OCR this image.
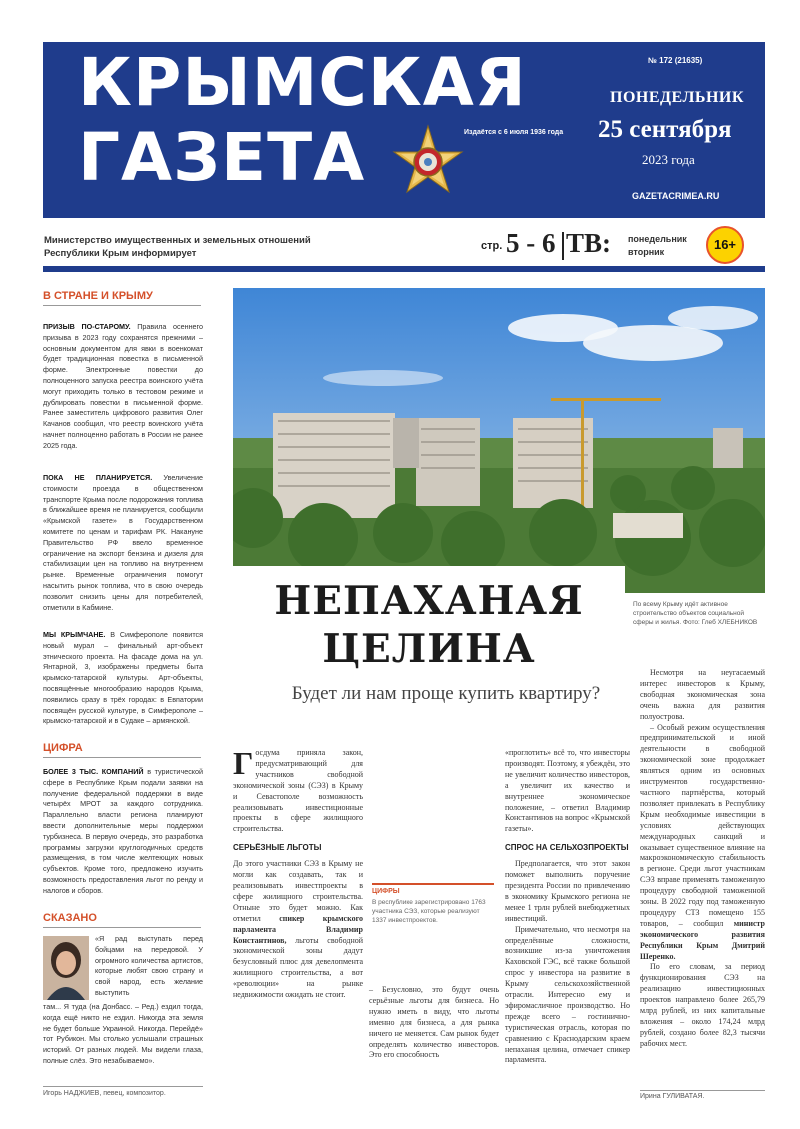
КРЫМСКАЯ
ГАЗЕТА	Издаётся с 6 июля 1936 года
№ 172 (21635)
ПОНЕДЕЛЬНИК
25 сентября
2023 года
GAZETACRIMEA.RU
Министерство имущественных и земельных отношений Республики Крым информирует
стр. 5 - 6 ТВ: понедельник
вторник	16+
В СТРАНЕ И КРЫМУ
ПРИЗЫВ ПО-СТАРОМУ. Правила осеннего призыва в 2023 году сохранятся прежними – основным документом для явки в военкомат будет традиционная повестка в письменной форме. Электронные повестки до полноценного запуска реестра воинского учёта могут приходить только в тестовом режиме и дублировать повестки в письменной форме. Ранее заместитель цифрового развития Олег Качанов сообщил, что реестр воинского учёта начнет полноценно работать в России не ранее 2025 года.
ПОКА НЕ ПЛАНИРУЕТСЯ. Увеличение стоимости проезда в общественном транспорте Крыма после подорожания топлива в ближайшее время не планируется, сообщили «Крымской газете» в Государственном комитете по ценам и тарифам РК. Накануне Правительство РФ ввело временное ограничение на экспорт бензина и дизеля для стабилизации цен на топливо на внутреннем рынке. Временные ограничения помогут насытить рынок топлива, что в свою очередь позволит снизить цены для потребителей, отметили в Кабмине.
МЫ КРЫМЧАНЕ. В Симферополе появится новый мурал – финальный арт-объект этнического проекта. На фасаде дома на ул. Янтарной, 3, изображены предметы быта крымско-татарской культуры. Арт-объекты, посвящённые многообразию народов Крыма, появились сразу в трёх городах: в Евпатории посвящён русской культуре, в Симферополе – крымско-татарской и в Судаке – армянской.
ЦИФРА
БОЛЕЕ 3 ТЫС. КОМПАНИЙ в туристической сфере в Республике Крым подали заявки на получение федеральной поддержки в виде четырёх МРОТ за каждого сотрудника. Параллельно власти региона планируют ввести дополнительные меры поддержки турбизнеса. В первую очередь, это разработка программы загрузки круглогодичных средств размещения, в том числе желтеющих новых субъектов. Кроме того, предложено изучить возможность предоставления льгот по ренду и налогов и сборов.
СКАЗАНО
«Я рад выступать перед бойцами на передовой. У огромного количества артистов, которые любят свою страну и свой народ, есть желание выступить
там... Я туда (на Донбасс. – Ред.) ездил тогда, когда ещё никто не ездил. Никогда эта земля не будет больше Украиной. Никогда. Перейдё» тот Рубикон. Мы столько услышали страшных историй. От разных людей. Мы видели глаза, полные слёз. Это незабываемо».
Игорь НАДЖИЕВ, певец, композитор.
НЕПАХАНАЯ
ЦЕЛИНА
По всему Крыму идёт активное строительство объектов социальной сферы и жилья. Фото: Глеб ХЛЕБНИКОВ
Будет ли нам проще купить квартиру?
Г осдума приняла закон, предусматривающий для участников свободной экономической зоны (СЭЗ) в Крыму и Севастополе возможность реализовывать инвестиционные проекты в сфере жилищного строительства.
СЕРЬЁЗНЫЕ ЛЬГОТЫ
До этого участники СЭЗ в Крыму не могли как создавать, так и реализовывать инвестпроекты в сфере жилищного строительства. Отныне это будет можно. Как отметил спикер крымского парламента Владимир Константинов, льготы свободной экономической зоны дадут безусловный плюс для девелопмента жилищного строительства, а вот «революции» на рынке недвижимости ожидать не стоит.
– Безусловно, это будут очень серьёзные льготы для бизнеса. Но нужно иметь в виду, что льготы именно для бизнеса, а для рынка ничего не меняется. Сам рынок будет определять количество инвесторов. Это его способность
ЦИФРЫ
В республике зарегистрировано 1763 участника СЭЗ, которые реализуют 1337 инвестпроектов.
«проглотить» всё то, что инвесторы производят. Поэтому, я убеждён, это не увеличит количество инвесторов, а увеличит их качество и внутреннее экономическое положение, – ответил Владимир Константинов на вопрос «Крымской газеты».
СПРОС НА СЕЛЬХОЗПРОЕКТЫ
Предполагается, что этот закон поможет выполнить поручение президента России по привлечению в экономику Крымского региона не менее 1 трлн рублей внебюджетных инвестиций.
Примечательно, что несмотря на определённые сложности, возникшие из-за уничтожения Каховской ГЭС, всё также большой спрос у инвестора на развитие в Крыму сельскохозяйственной отрасли. Интересно ему и эфиромасличное производство. Но прежде всего – гостинично-туристическая отрасль, которая по сравнению с Краснодарским краем непаханая целина, отмечает спикер парламента.
Несмотря на неугасаемый интерес инвесторов к Крыму, свободная экономическая зона очень важна для развития полуострова.
– Особый режим осуществления предпринимательской и иной деятельности в свободной экономической зоне продолжает являться одним из основных инструментов государственно-частного партнёрства, который позволяет привлекать в Республику Крым необходимые инвестиции в условиях действующих международных санкций и оказывает существенное влияние на макроэкономическую стабильность в регионе. Среди льгот участникам СЭЗ вправе применять таможенную процедуру свободной таможенной зоны. В 2022 году под таможенную процедуру СТЗ помещено 155 товаров, – сообщил министр экономического развития Республики Крым Дмитрий Шеренко.
По его словам, за период функционирования СЭЗ на реализацию инвестиционных проектов направлено более 265,79 млрд рублей, из них капитальные вложения – около 174,24 млрд рублей, создано более 82,3 тысячи рабочих мест.
Ирина ГУЛИВАТАЯ.
